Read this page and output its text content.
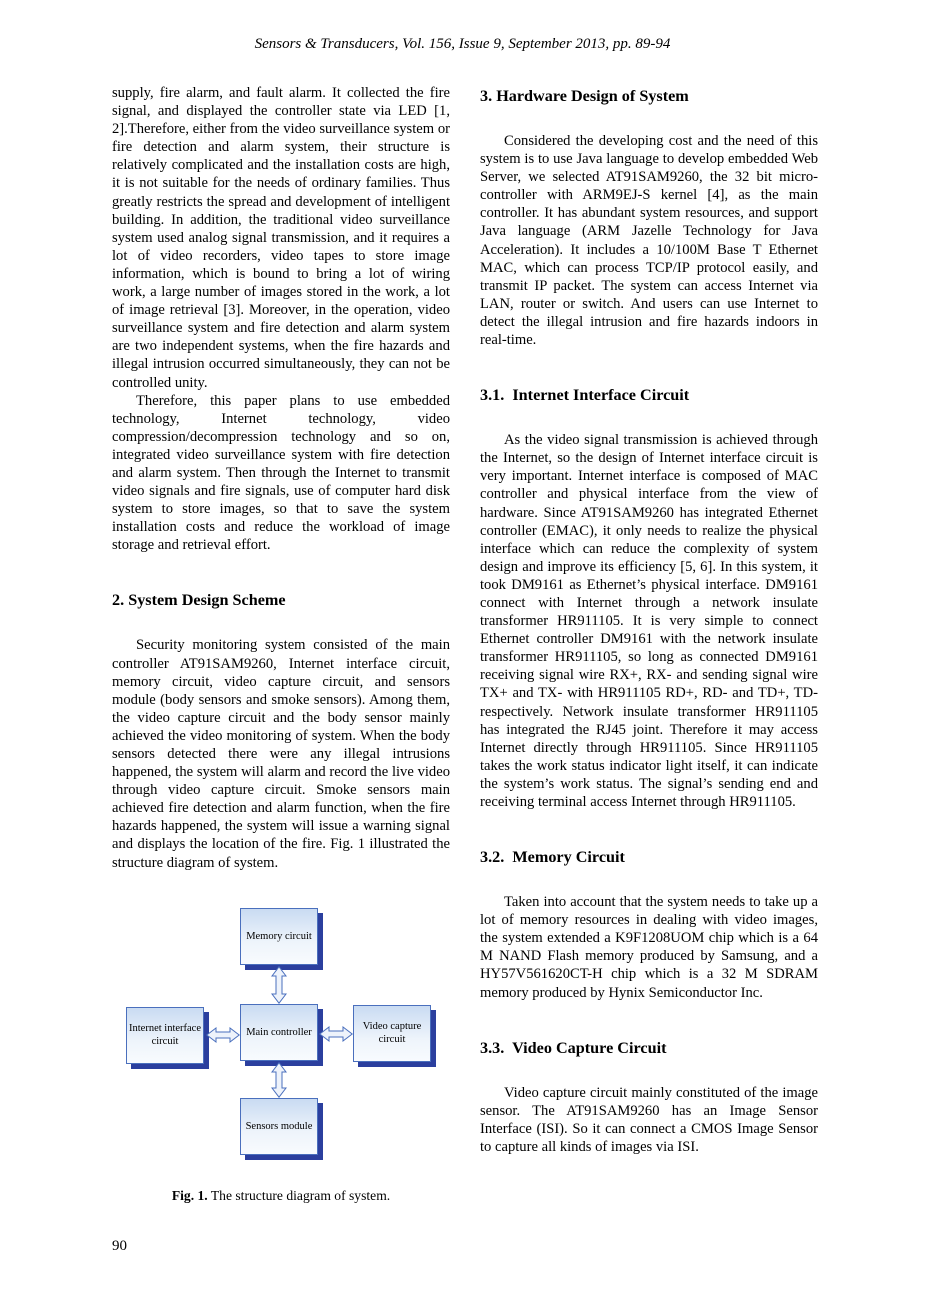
Sensors & Transducers, Vol. 156, Issue 9, September 2013, pp. 89-94

supply, fire alarm, and fault alarm. It collected the fire signal, and displayed the controller state via LED [1, 2].Therefore, either from the video surveillance system or fire detection and alarm system, their structure is relatively complicated and the installation costs are high, it is not suitable for the needs of ordinary families. Thus greatly restricts the spread and development of intelligent building. In addition, the traditional video surveillance system used analog signal transmission, and it requires a lot of video recorders, video tapes to store image information, which is bound to bring a lot of wiring work, a large number of images stored in the work, a lot of image retrieval [3]. Moreover, in the operation, video surveillance system and fire detection and alarm system are two independent systems, when the fire hazards and illegal intrusion occurred simultaneously, they can not be controlled unity.

Therefore, this paper plans to use embedded technology, Internet technology, video compression/decompression technology and so on, integrated video surveillance system with fire detection and alarm system. Then through the Internet to transmit video signals and fire signals, use of computer hard disk system to store images, so that to save the system installation costs and reduce the workload of image storage and retrieval effort.

2. System Design Scheme

Security monitoring system consisted of the main controller AT91SAM9260, Internet interface circuit, memory circuit, video capture circuit, and sensors module (body sensors and smoke sensors). Among them, the video capture circuit and the body sensor mainly achieved the video monitoring of system. When the body sensors detected there were any illegal intrusions happened, the system will alarm and record the live video through video capture circuit. Smoke sensors main achieved fire detection and alarm function, when the fire hazards happened, the system will issue a warning signal and displays the location of the fire. Fig. 1 illustrated the structure diagram of system.

Memory circuit
Internet interface circuit
Main controller	Video capture circuit
Sensors module
Fig. 1. The structure diagram of system.
3. Hardware Design of System

Considered the developing cost and the need of this system is to use Java language to develop embedded Web Server, we selected AT91SAM9260, the 32 bit micro-controller with ARM9EJ-S kernel [4], as the main controller. It has abundant system resources, and support Java language (ARM Jazelle Technology for Java Acceleration). It includes a 10/100M Base T Ethernet MAC, which can process TCP/IP protocol easily, and transmit IP packet. The system can access Internet via LAN, router or switch. And users can use Internet to detect the illegal intrusion and fire hazards indoors in real-time.

3.1.  Internet Interface Circuit

As the video signal transmission is achieved through the Internet, so the design of Internet interface circuit is very important. Internet interface is composed of MAC controller and physical interface from the view of hardware. Since AT91SAM9260 has integrated Ethernet controller (EMAC), it only needs to realize the physical interface which can reduce the complexity of system design and improve its efficiency [5, 6]. In this system, it took DM9161 as Ethernet’s physical interface. DM9161 connect with Internet through a network insulate transformer HR911105. It is very simple to connect Ethernet controller DM9161 with the network insulate transformer HR911105, so long as connected DM9161 receiving signal wire RX+, RX- and sending signal wire TX+ and TX- with HR911105 RD+, RD- and TD+, TD- respectively. Network insulate transformer HR911105 has integrated the RJ45 joint. Therefore it may access Internet directly through HR911105. Since HR911105 takes the work status indicator light itself, it can indicate the system’s work status. The signal’s sending end and receiving terminal access Internet through HR911105.

3.2.  Memory Circuit

Taken into account that the system needs to take up a lot of memory resources in dealing with video images, the system extended a K9F1208UOM chip which is a 64 M NAND Flash memory produced by Samsung, and a HY57V561620CT-H chip which is a 32 M SDRAM memory produced by Hynix Semiconductor Inc.

3.3.  Video Capture Circuit

Video capture circuit mainly constituted of the image sensor. The AT91SAM9260 has an Image Sensor Interface (ISI). So it can connect a CMOS Image Sensor to capture all kinds of images via ISI.

90
